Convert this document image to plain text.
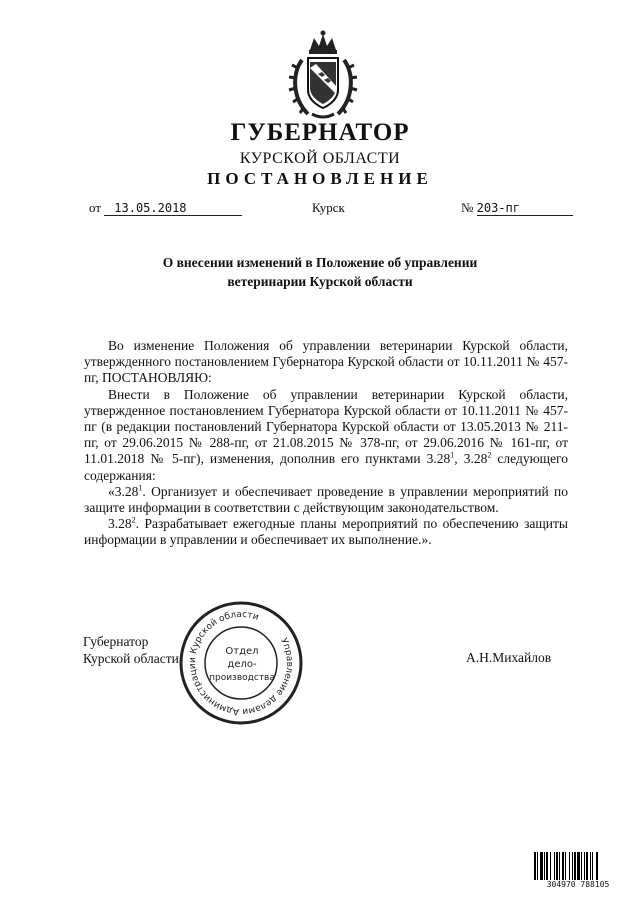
ГУБЕРНАТОР
КУРСКОЙ ОБЛАСТИ
ПОСТАНОВЛЕНИЕ
от 13.05.2018	Курск	№ 203-пг
О внесении изменений в Положение об управлении
ветеринарии Курской области

Во изменение Положения об управлении ветеринарии Курской области, утвержденного постановлением Губернатора Курской области от 10.11.2011 № 457-пг, ПОСТАНОВЛЯЮ:

Внести в Положение об управлении ветеринарии Курской области, утвержденное постановлением Губернатора Курской области от 10.11.2011 № 457-пг (в редакции постановлений Губернатора Курской области от 13.05.2013 № 211-пг, от 29.06.2015 № 288-пг, от 21.08.2015 № 378-пг, от 29.06.2016 № 161-пг, от 11.01.2018 № 5-пг), изменения, дополнив его пунктами 3.28$^1$, 3.28$^2$ следующего содержания:

«3.28$^1$. Организует и обеспечивает проведение в управлении мероприятий по защите информации в соответствии с действующим законодательством.

3.28$^2$. Разрабатывает ежегодные планы мероприятий по обеспечению защиты информации в управлении и обеспечивает их выполнение.».

Губернатор
Курской области	А.Н.Михайлов
Управление делами Администрации Курской области
Отдел
дело-
производства
304970 788105
